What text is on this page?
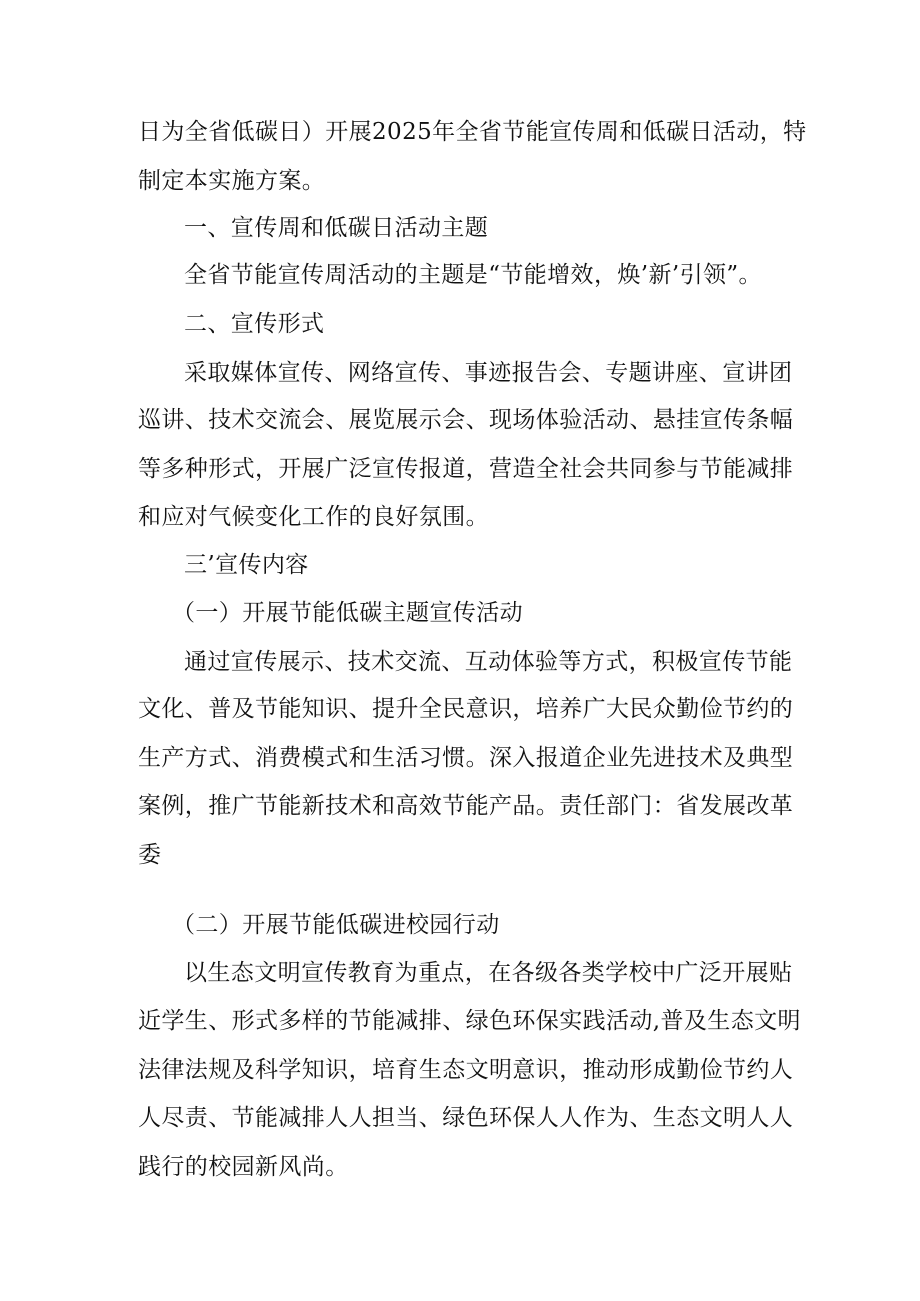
日为全省低碳日）开展2025年全省节能宣传周和低碳日活动，特
制定本实施方案。
一、宣传周和低碳日活动主题
全省节能宣传周活动的主题是“节能增效，焕’新’引领”。
二、宣传形式
采取媒体宣传、网络宣传、事迹报告会、专题讲座、宣讲团
巡讲、技术交流会、展览展示会、现场体验活动、悬挂宣传条幅
等多种形式，开展广泛宣传报道，营造全社会共同参与节能减排
和应对气候变化工作的良好氛围。
三’宣传内容
（一）开展节能低碳主题宣传活动
通过宣传展示、技术交流、互动体验等方式，积极宣传节能
文化、普及节能知识、提升全民意识，培养广大民众勤俭节约的
生产方式、消费模式和生活习惯。深入报道企业先进技术及典型
案例，推广节能新技术和高效节能产品。责任部门：省发展改革
委
（二）开展节能低碳进校园行动
以生态文明宣传教育为重点，在各级各类学校中广泛开展贴
近学生、形式多样的节能减排、绿色环保实践活动,普及生态文明
法律法规及科学知识，培育生态文明意识，推动形成勤俭节约人
人尽责、节能减排人人担当、绿色环保人人作为、生态文明人人
践行的校园新风尚。
